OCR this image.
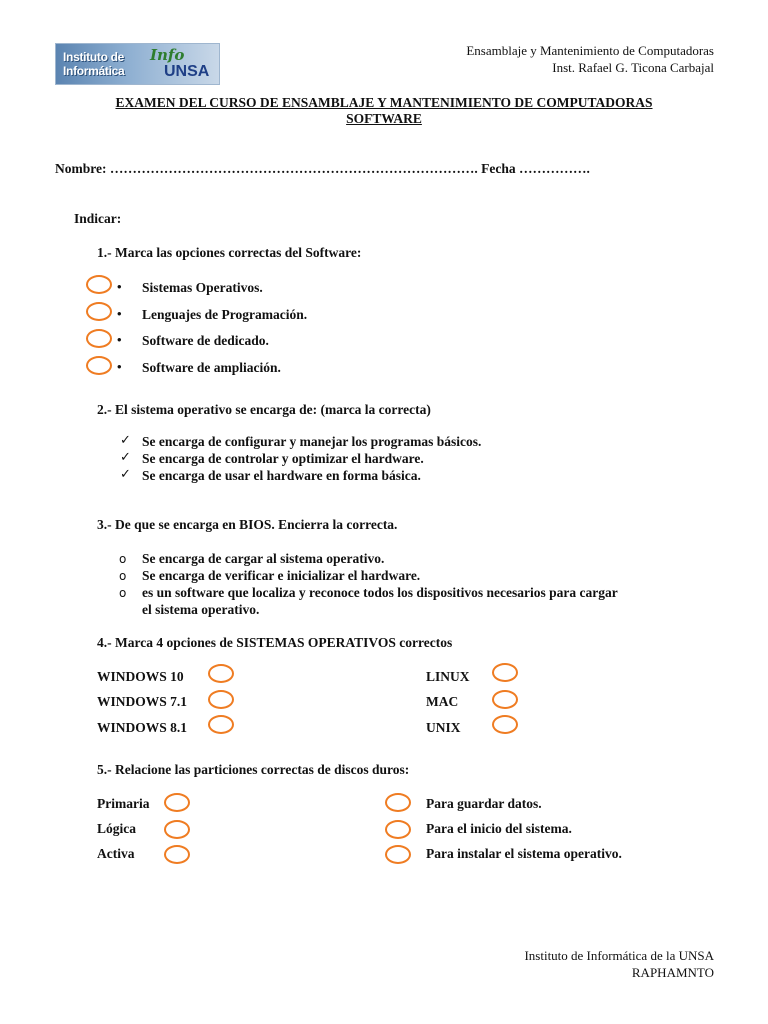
Instituto de
Informática
Info
UNSA
Ensamblaje y Mantenimiento de Computadoras
Inst. Rafael G. Ticona Carbajal
EXAMEN DEL CURSO DE ENSAMBLAJE Y MANTENIMIENTO DE COMPUTADORAS
SOFTWARE
Nombre: ………………………………………………………………………. Fecha …………….
Indicar:
1.- Marca las opciones correctas del Software:
• Sistemas Operativos.
• Lenguajes de Programación.
• Software de dedicado.
• Software de ampliación.
2.- El sistema operativo se encarga de: (marca la correcta)
✓ Se encarga de configurar y manejar los programas básicos.
✓ Se encarga de controlar y optimizar el hardware.
✓ Se encarga de usar el hardware en forma básica.
3.- De que se encarga en BIOS. Encierra la correcta.
o Se encarga de cargar al sistema operativo.
o Se encarga de verificar e inicializar el hardware.
o es un software que localiza y reconoce todos los dispositivos necesarios para cargar
el sistema operativo.
4.- Marca 4 opciones de SISTEMAS OPERATIVOS correctos
WINDOWS 10	LINUX
WINDOWS 7.1	MAC
WINDOWS 8.1	UNIX
5.- Relacione las particiones correctas de discos duros:
Primaria	Para guardar datos.
Lógica	Para el inicio del sistema.
Activa	Para instalar el sistema operativo.
Instituto de Informática de la UNSA
RAPHAMNTO
